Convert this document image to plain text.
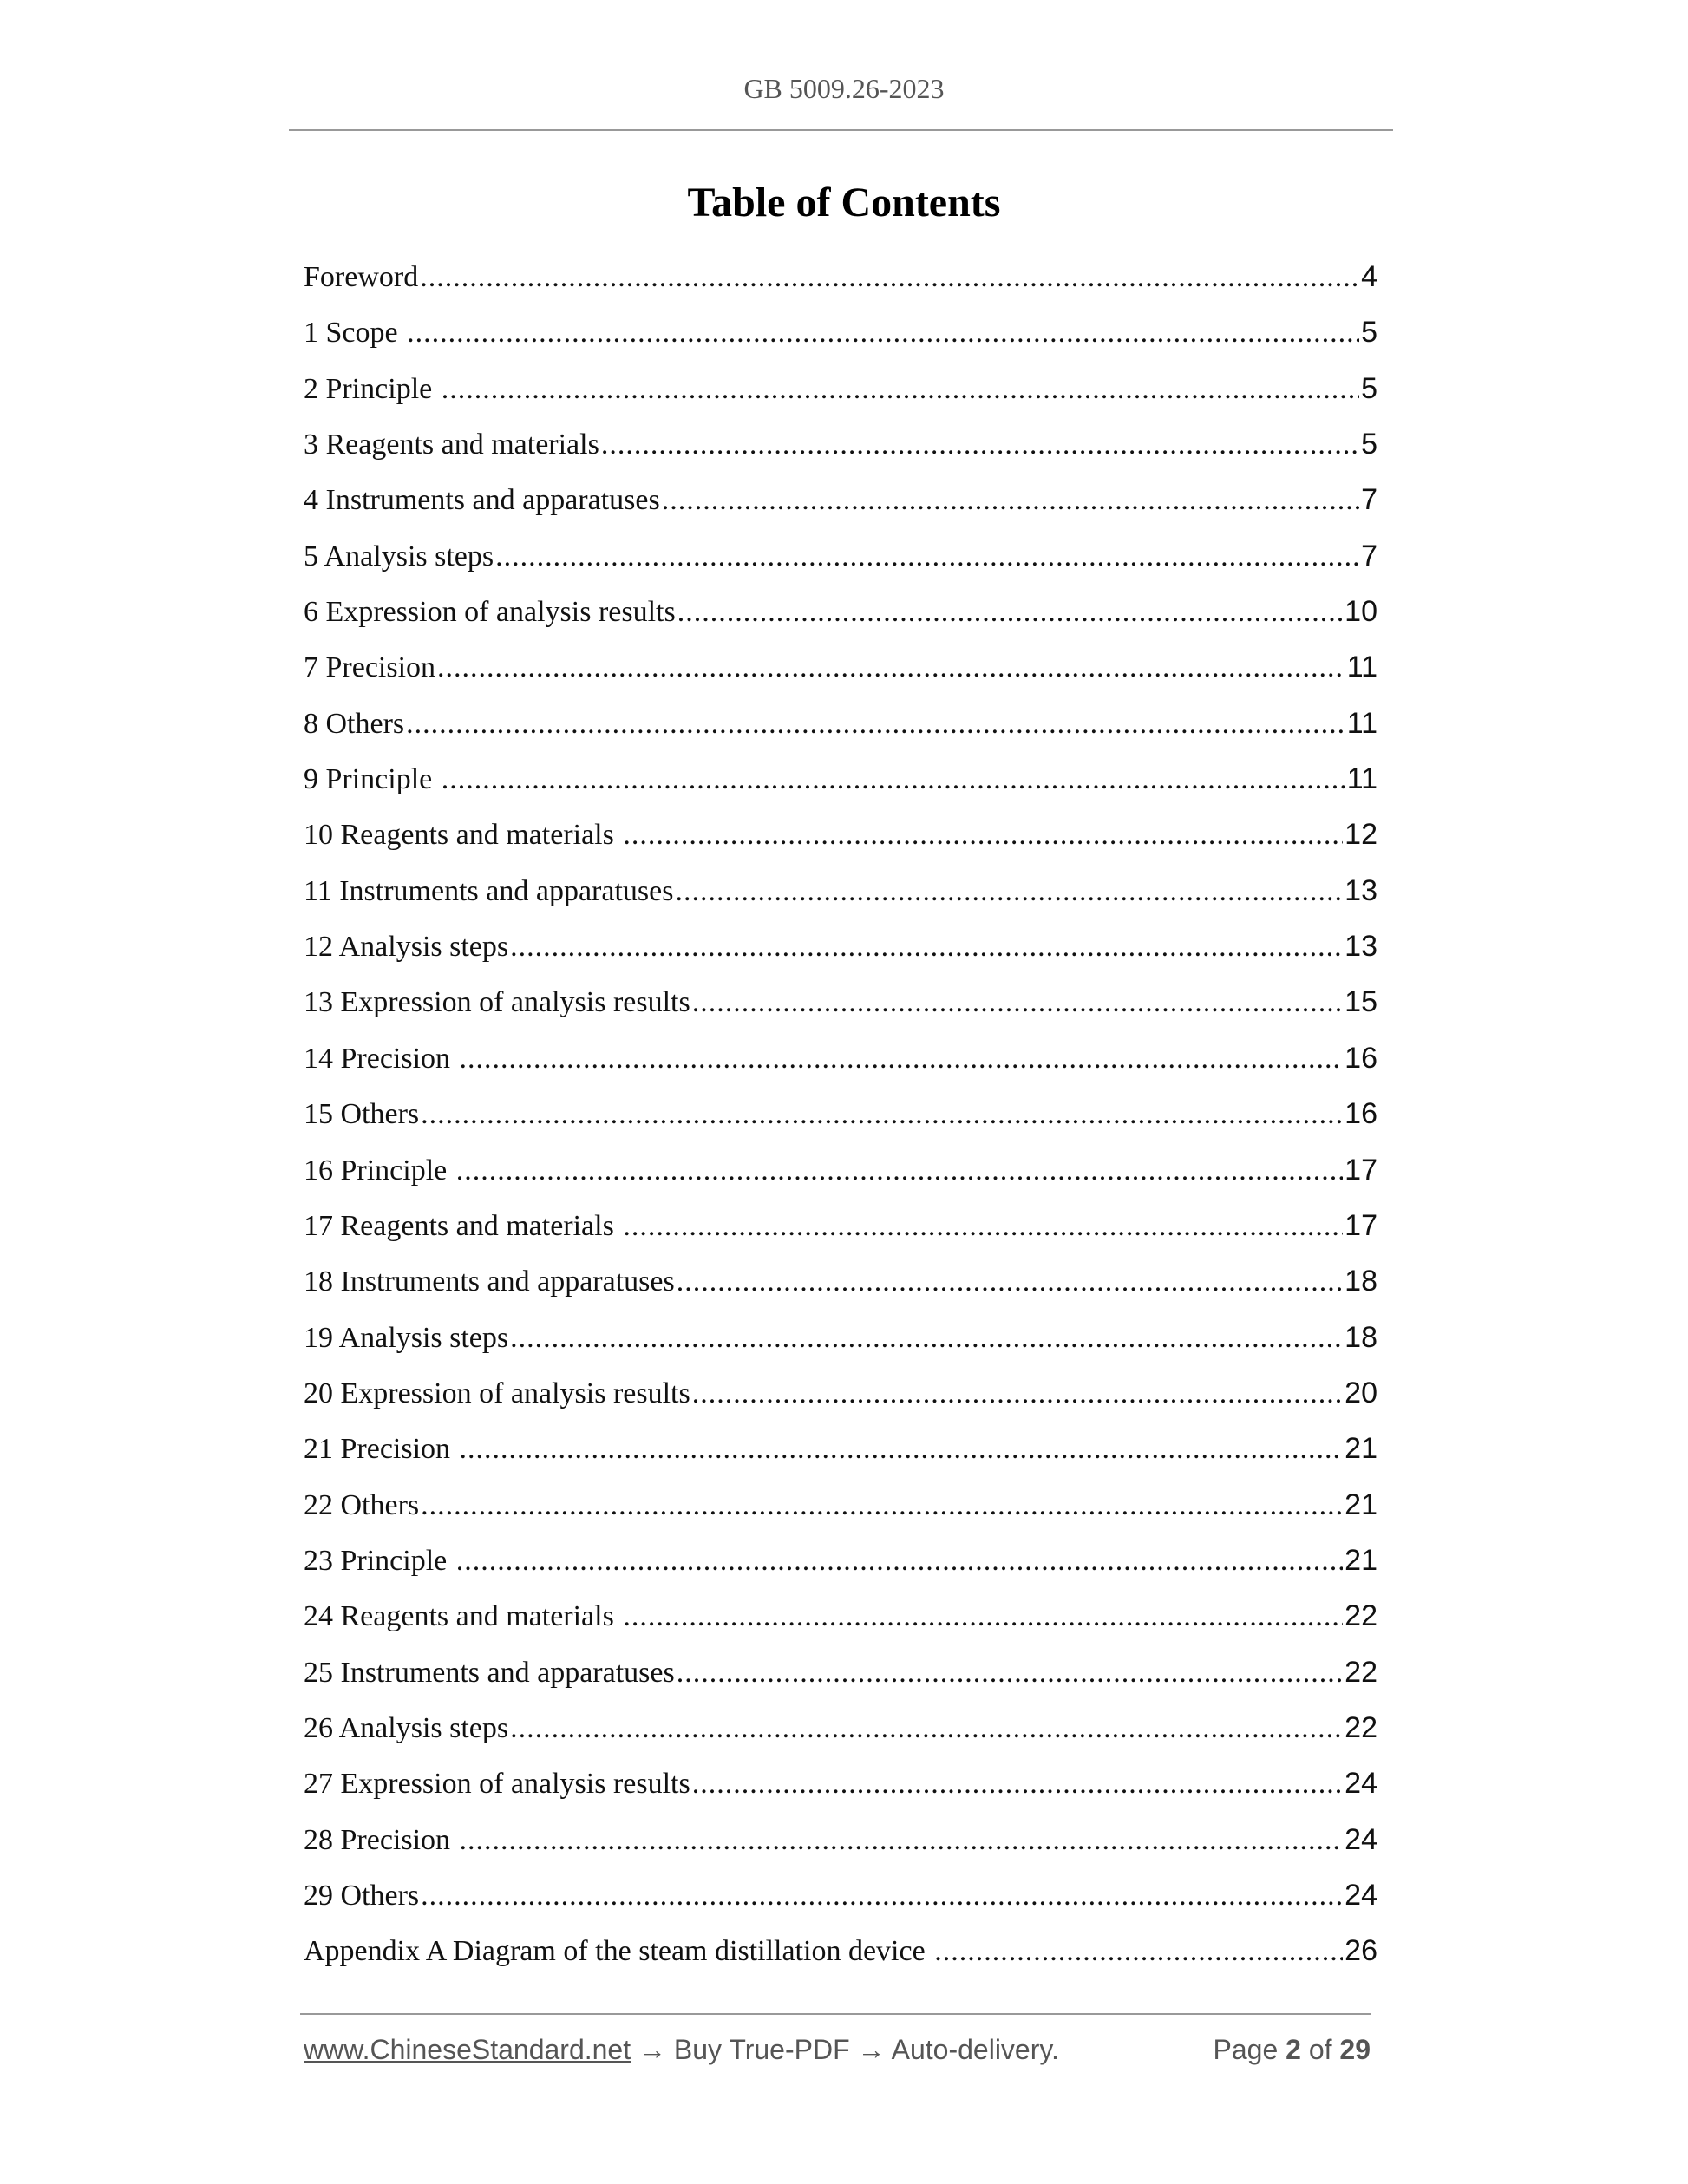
GB 5009.26-2023
Table of Contents
Foreword .....	4
1 Scope .....	5
2 Principle .....	5
3 Reagents and materials .....	5
4 Instruments and apparatuses .....	7
5 Analysis steps .....	7
6 Expression of analysis results .....	10
7 Precision .....	11
8 Others .....	11
9 Principle .....	11
10 Reagents and materials .....	12
11 Instruments and apparatuses .....	13
12 Analysis steps .....	13
13 Expression of analysis results .....	15
14 Precision .....	16
15 Others .....	16
16 Principle .....	17
17 Reagents and materials .....	17
18 Instruments and apparatuses .....	18
19 Analysis steps .....	18
20 Expression of analysis results .....	20
21 Precision .....	21
22 Others .....	21
23 Principle .....	21
24 Reagents and materials .....	22
25 Instruments and apparatuses .....	22
26 Analysis steps .....	22
27 Expression of analysis results .....	24
28 Precision .....	24
29 Others .....	24
Appendix A Diagram of the steam distillation device .....	26
www.ChineseStandard.net → Buy True-PDF → Auto-delivery.	Page 2 of 29
